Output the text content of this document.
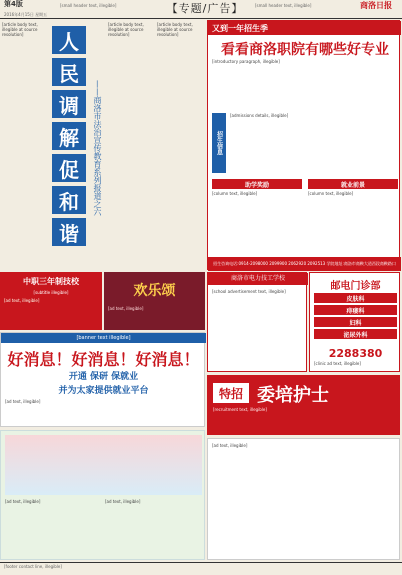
第4版
2016年4月15日 星期五
[small header text, illegible]	【专题/广告】	[small header text, illegible]	商洛日报
[article body text, illegible at source resolution]	人
民
调
解
促
和
谐
——商洛市法治宣传教育系列报道之六
[article body text, illegible at source resolution]
[article body text, illegible at source resolution]
又到一年招生季
看看商洛职院有哪些好专业
[introductory paragraph, illegible]
招生信息
[admissions details, illegible]
助学奖励	就业前景
[column text, illegible]	[column text, illegible]
招生咨询电话:0914-2098000 2099900 2062920 2092513 学院地址:商洛市商鞅大道西段商鞅路口
中职三年制技校
[subtitle illegible]
[ad text, illegible]
欢乐颂
[ad text, illegible]
[banner text illegible]
好消息！好消息！好消息！
开通 保研 保就业
并为太家提供就业平台
[ad text, illegible]
[ad text, illegible]	[ad text, illegible]
商洛市电力技工学校
[school advertisement text, illegible]	邮电门诊部
皮肤科
痔瘘科
妇科
泌尿外科
2288380
[clinic ad text, illegible]
特招 委培护士
[recruitment text, illegible]
[ad text, illegible]
[footer contact line, illegible]
